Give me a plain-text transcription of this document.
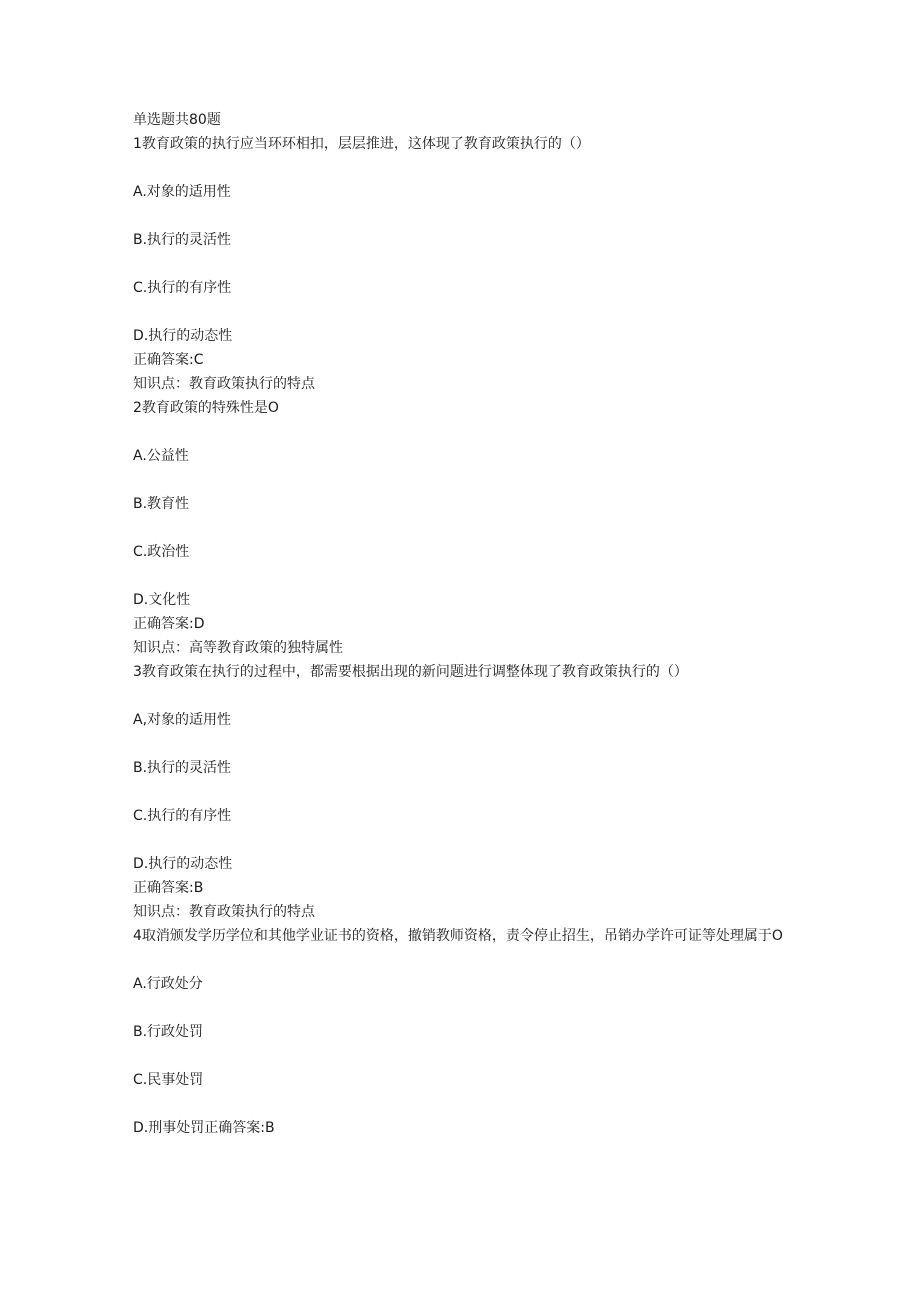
单选题共80题
1教育政策的执行应当环环相扣，层层推进，这体现了教育政策执行的（）
A.对象的适用性
B.执行的灵活性
C.执行的有序性
D.执行的动态性
正确答案:C
知识点：教育政策执行的特点
2教育政策的特殊性是O
A.公益性
B.教育性
C.政治性
D.文化性
正确答案:D
知识点：高等教育政策的独特属性
3教育政策在执行的过程中，都需要根据出现的新问题进行调整体现了教育政策执行的（）
A,对象的适用性
B.执行的灵活性
C.执行的有序性
D.执行的动态性
正确答案:B
知识点：教育政策执行的特点
4取消颁发学历学位和其他学业证书的资格，撤销教师资格，责令停止招生，吊销办学许可证等处理属于O
A.行政处分
B.行政处罚
C.民事处罚
D.刑事处罚正确答案:B
